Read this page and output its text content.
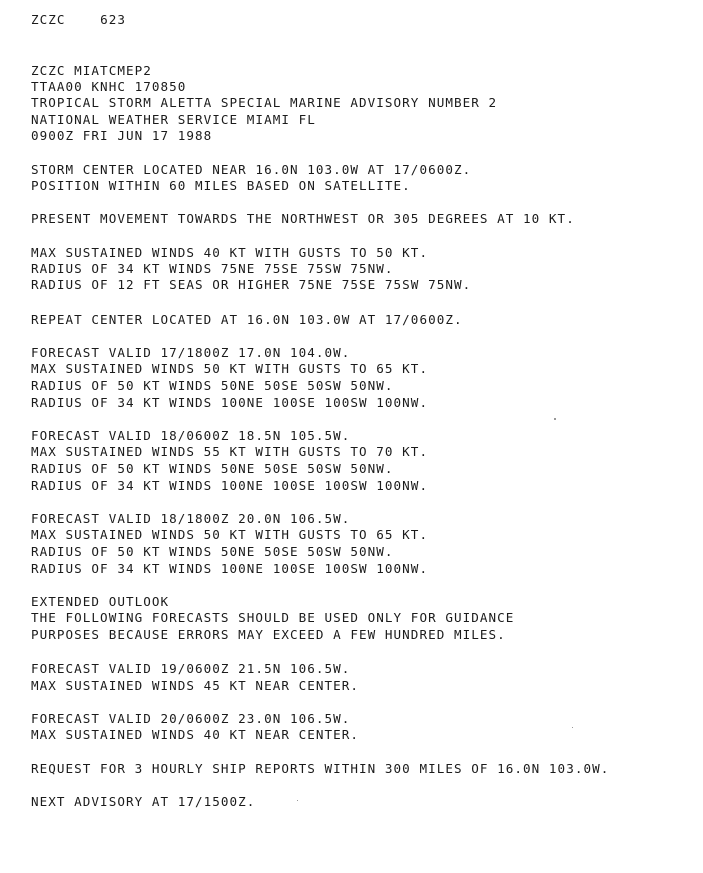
ZCZC	623
ZCZC MIATCMEP2
TTAA00 KNHC 170850
TROPICAL STORM ALETTA SPECIAL MARINE ADVISORY NUMBER 2
NATIONAL WEATHER SERVICE MIAMI FL
0900Z FRI JUN 17 1988
STORM CENTER LOCATED NEAR 16.0N 103.0W AT 17/0600Z.
POSITION WITHIN 60 MILES BASED ON SATELLITE.
PRESENT MOVEMENT TOWARDS THE NORTHWEST OR 305 DEGREES AT 10 KT.
MAX SUSTAINED WINDS 40 KT WITH GUSTS TO 50 KT.
RADIUS OF 34 KT WINDS 75NE 75SE 75SW 75NW.
RADIUS OF 12 FT SEAS OR HIGHER 75NE 75SE 75SW 75NW.
REPEAT CENTER LOCATED AT 16.0N 103.0W AT 17/0600Z.
FORECAST VALID 17/1800Z 17.0N 104.0W.
MAX SUSTAINED WINDS 50 KT WITH GUSTS TO 65 KT.
RADIUS OF 50 KT WINDS 50NE 50SE 50SW 50NW.
RADIUS OF 34 KT WINDS 100NE 100SE 100SW 100NW.
FORECAST VALID 18/0600Z 18.5N 105.5W.
MAX SUSTAINED WINDS 55 KT WITH GUSTS TO 70 KT.
RADIUS OF 50 KT WINDS 50NE 50SE 50SW 50NW.
RADIUS OF 34 KT WINDS 100NE 100SE 100SW 100NW.
FORECAST VALID 18/1800Z 20.0N 106.5W.
MAX SUSTAINED WINDS 50 KT WITH GUSTS TO 65 KT.
RADIUS OF 50 KT WINDS 50NE 50SE 50SW 50NW.
RADIUS OF 34 KT WINDS 100NE 100SE 100SW 100NW.
EXTENDED OUTLOOK
THE FOLLOWING FORECASTS SHOULD BE USED ONLY FOR GUIDANCE
PURPOSES BECAUSE ERRORS MAY EXCEED A FEW HUNDRED MILES.
FORECAST VALID 19/0600Z 21.5N 106.5W.
MAX SUSTAINED WINDS 45 KT NEAR CENTER.
FORECAST VALID 20/0600Z 23.0N 106.5W.
MAX SUSTAINED WINDS 40 KT NEAR CENTER.
REQUEST FOR 3 HOURLY SHIP REPORTS WITHIN 300 MILES OF 16.0N 103.0W.
NEXT ADVISORY AT 17/1500Z.
